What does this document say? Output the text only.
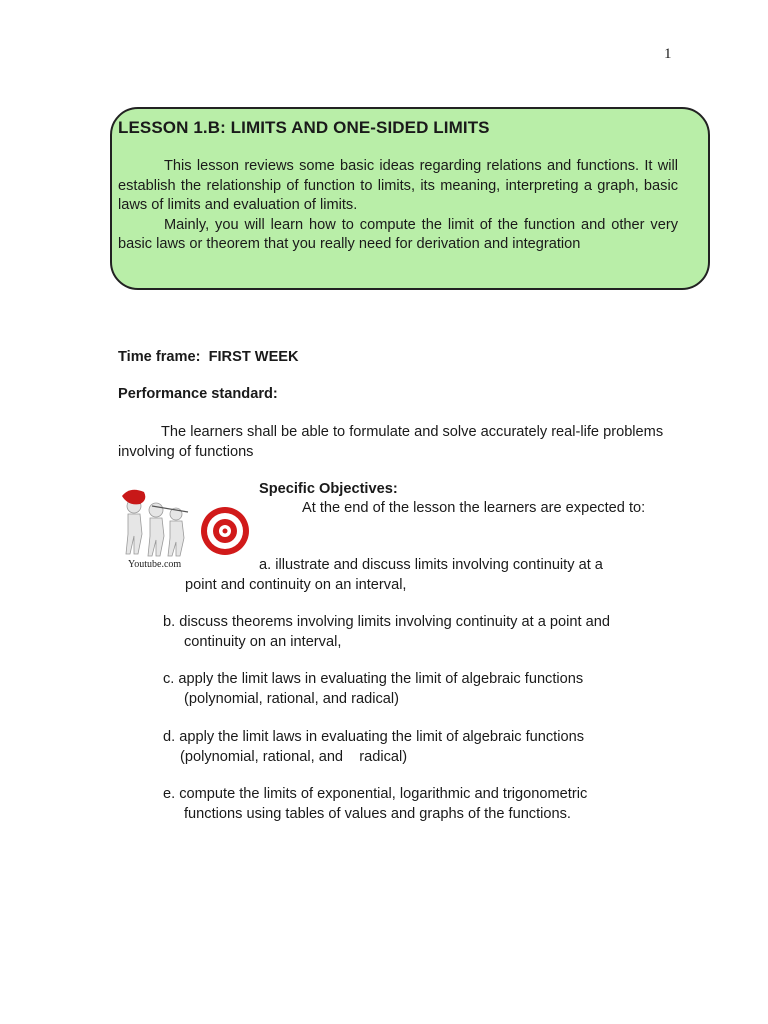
1
LESSON 1.B: LIMITS AND ONE-SIDED LIMITS

This lesson reviews some basic ideas regarding relations and functions. It will establish the relationship of function to limits, its meaning, interpreting a graph, basic laws of limits and evaluation of limits.

Mainly, you will learn how to compute the limit of the function and other very basic laws or theorem that you really need for derivation and integration

Time frame: FIRST WEEK
Performance standard:
The learners shall be able to formulate and solve accurately real-life problems involving of functions
Youtube.com
Specific Objectives:
At the end of the lesson the learners are expected to:
a. illustrate and discuss limits involving continuity at a
point and continuity on an interval,
b. discuss theorems involving limits involving continuity at a point and
continuity on an interval,
c. apply the limit laws in evaluating the limit of algebraic functions
(polynomial, rational, and radical)
d. apply the limit laws in evaluating the limit of algebraic functions
(polynomial, rational, and    radical)
e. compute the limits of exponential, logarithmic and trigonometric
functions using tables of values and graphs of the functions.
